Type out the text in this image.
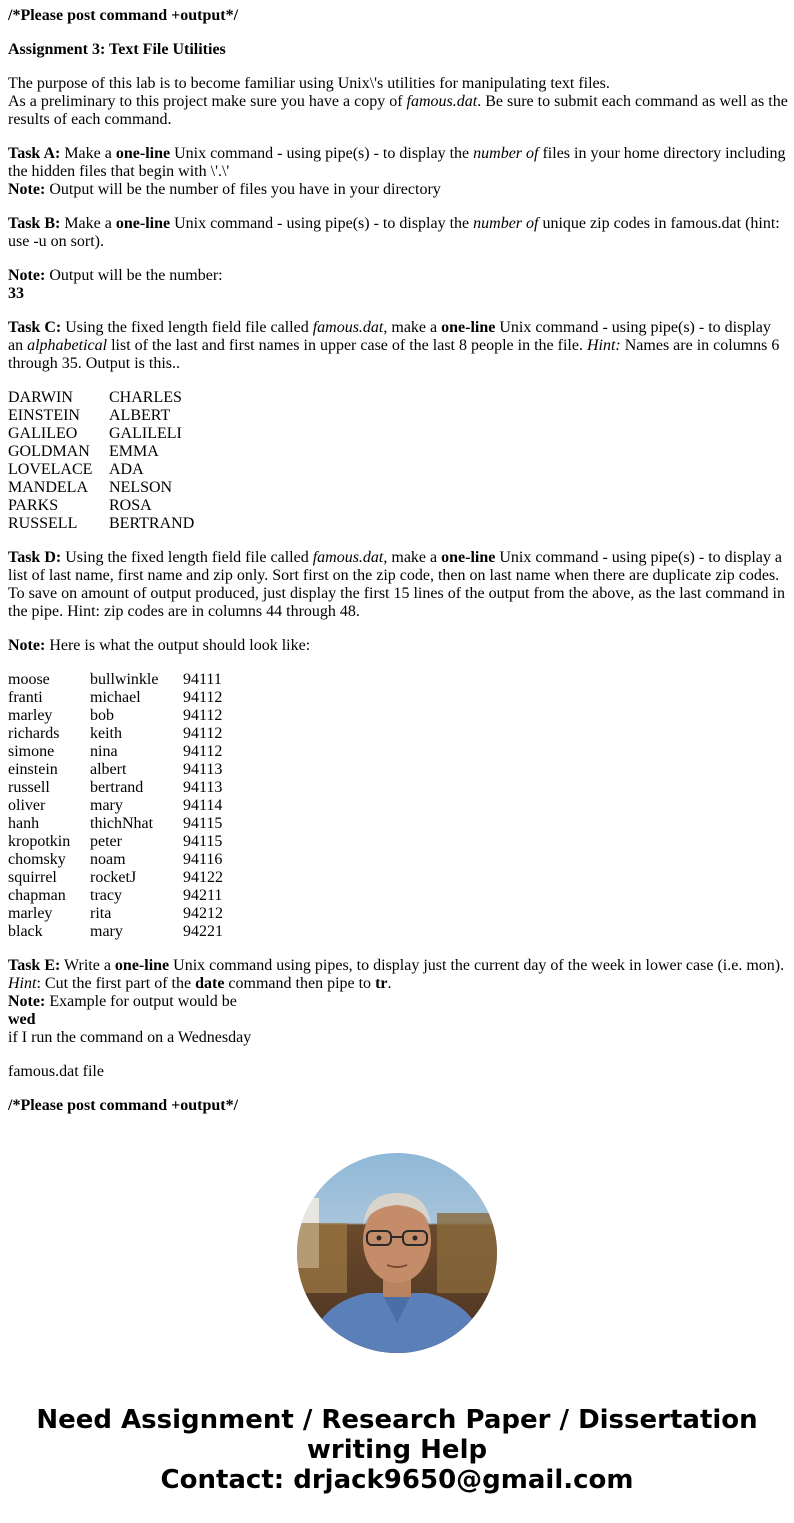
/*Please post command +output*/

Assignment 3: Text File Utilities

The purpose of this lab is to become familiar using Unix\'s utilities for manipulating text files.
As a preliminary to this project make sure you have a copy of famous.dat. Be sure to submit each command as well as the results of each command.

Task A: Make a one-line Unix command - using pipe(s) - to display the number of files in your home directory including the hidden files that begin with \'.\'
Note: Output will be the number of files you have in your directory

Task B: Make a one-line Unix command - using pipe(s) - to display the number of unique zip codes in famous.dat (hint: use -u on sort).

Note: Output will be the number:
33

Task C: Using the fixed length field file called famous.dat, make a one-line Unix command - using pipe(s) - to display an alphabetical list of the last and first names in upper case of the last 8 people in the file. Hint: Names are in columns 6 through 35. Output is this..

DARWIN	CHARLES
EINSTEIN	ALBERT
GALILEO	GALILELI
GOLDMAN	EMMA
LOVELACE	ADA
MANDELA	NELSON
PARKS	ROSA
RUSSELL	BERTRAND

Task D: Using the fixed length field file called famous.dat, make a one-line Unix command - using pipe(s) - to display a list of last name, first name and zip only. Sort first on the zip code, then on last name when there are duplicate zip codes. To save on amount of output produced, just display the first 15 lines of the output from the above, as the last command in the pipe. Hint: zip codes are in columns 44 through 48.

Note: Here is what the output should look like:

moose	bullwinkle	94111
franti	michael	94112
marley	bob	94112
richards	keith	94112
simone	nina	94112
einstein	albert	94113
russell	bertrand	94113
oliver	mary	94114
hanh	thichNhat	94115
kropotkin	peter	94115
chomsky	noam	94116
squirrel	rocketJ	94122
chapman	tracy	94211
marley	rita	94212
black	mary	94221

Task E: Write a one-line Unix command using pipes, to display just the current day of the week in lower case (i.e. mon).
Hint: Cut the first part of the date command then pipe to tr.
Note: Example for output would be
wed
if I run the command on a Wednesday

famous.dat file

/*Please post command +output*/

Need Assignment / Research Paper / Dissertation
writing Help
Contact: drjack9650@gmail.com
